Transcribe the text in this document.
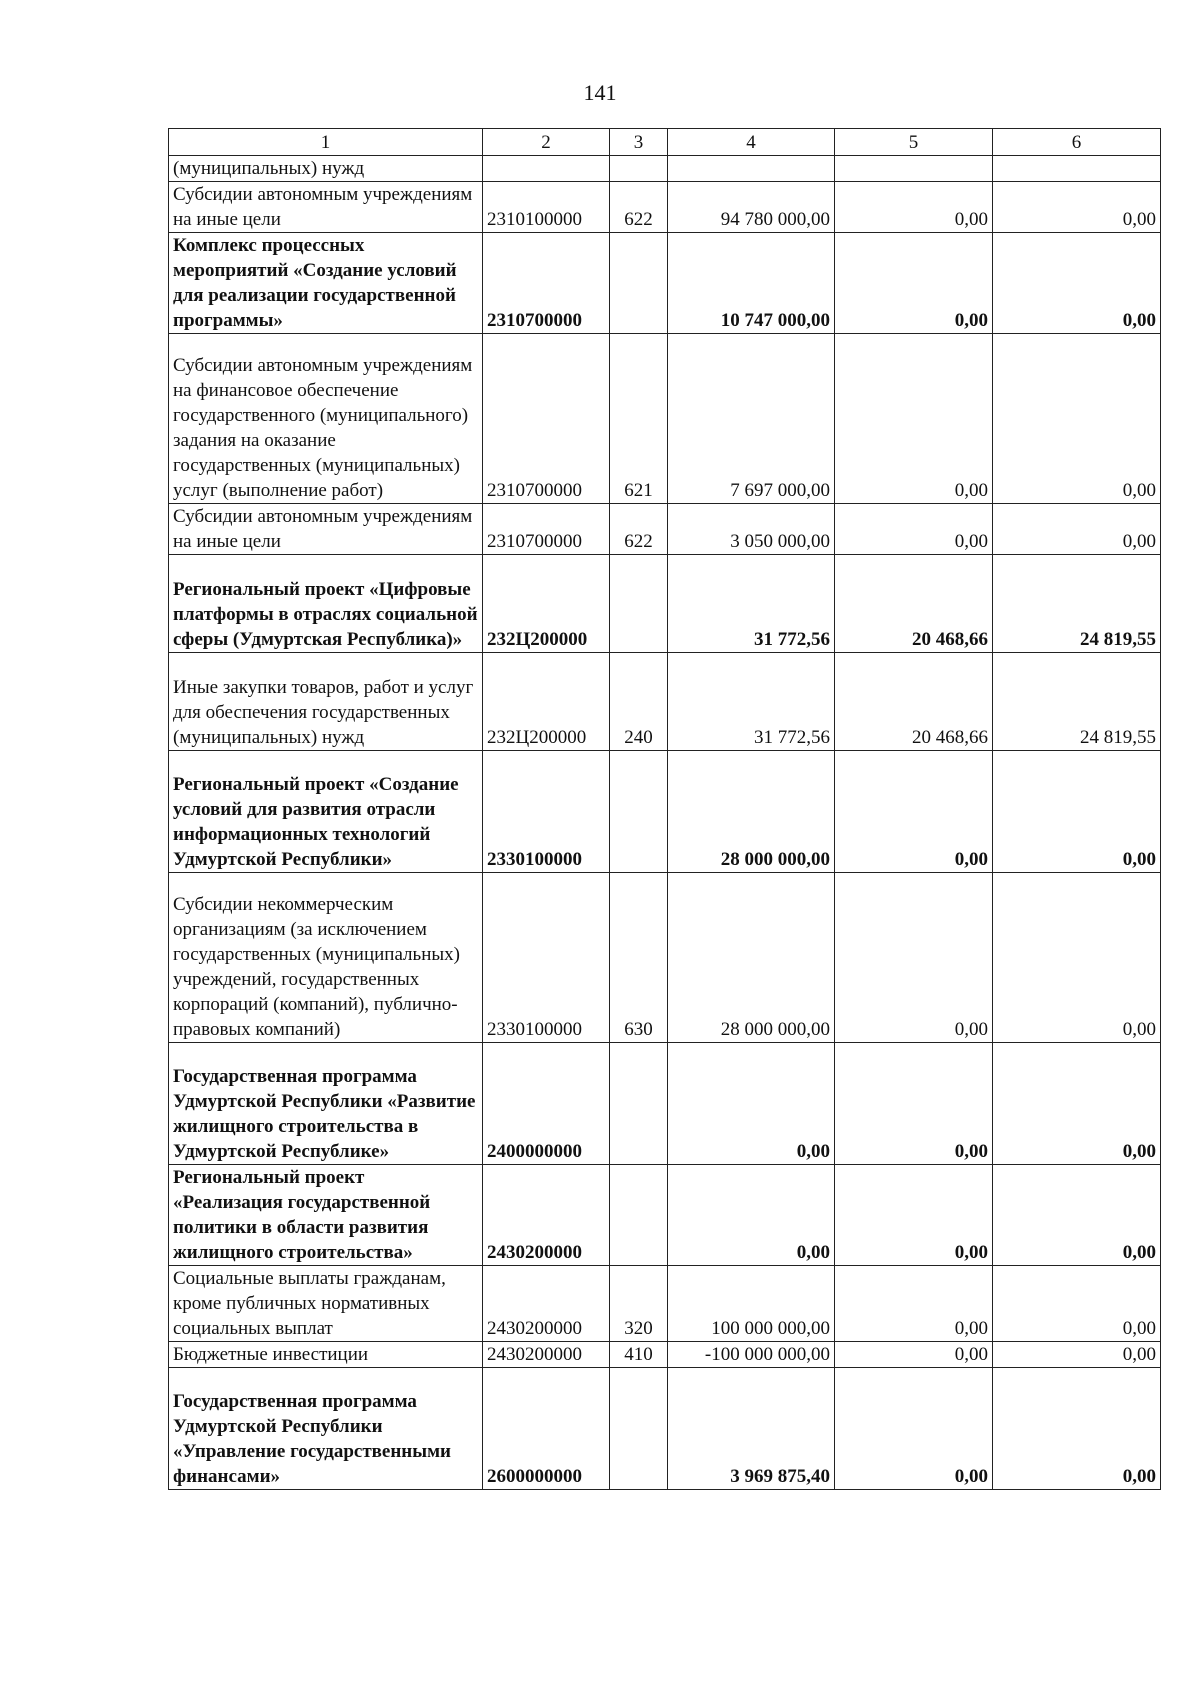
141
1	2	3	4	5	6
(муниципальных) нужд					
Субсидии автономным учреждениям на иные цели	2310100000	622	94 780 000,00	0,00	0,00
Комплекс процессных мероприятий «Создание условий для реализации государственной программы»	2310700000		10 747 000,00	0,00	0,00
Субсидии автономным учреждениям на финансовое обеспечение государственного (муниципального) задания на оказание государственных (муниципальных) услуг (выполнение работ)	2310700000	621	7 697 000,00	0,00	0,00
Субсидии автономным учреждениям на иные цели	2310700000	622	3 050 000,00	0,00	0,00
Региональный проект «Цифровые платформы в отраслях социальной сферы (Удмуртская Республика)»	232Ц200000		31 772,56	20 468,66	24 819,55
Иные закупки товаров, работ и услуг для обеспечения государственных (муниципальных) нужд	232Ц200000	240	31 772,56	20 468,66	24 819,55
Региональный проект «Создание условий для развития отрасли информационных технологий Удмуртской Республики»	2330100000		28 000 000,00	0,00	0,00
Субсидии некоммерческим организациям (за исключением государственных (муниципальных) учреждений, государственных корпораций (компаний), публично-правовых компаний)	2330100000	630	28 000 000,00	0,00	0,00
Государственная программа Удмуртской Республики «Развитие жилищного строительства в Удмуртской Республике»	2400000000		0,00	0,00	0,00
Региональный проект «Реализация государственной политики в области развития жилищного строительства»	2430200000		0,00	0,00	0,00
Социальные выплаты гражданам, кроме публичных нормативных социальных выплат	2430200000	320	100 000 000,00	0,00	0,00
Бюджетные инвестиции	2430200000	410	-100 000 000,00	0,00	0,00
Государственная программа Удмуртской Республики «Управление государственными финансами»	2600000000		3 969 875,40	0,00	0,00
